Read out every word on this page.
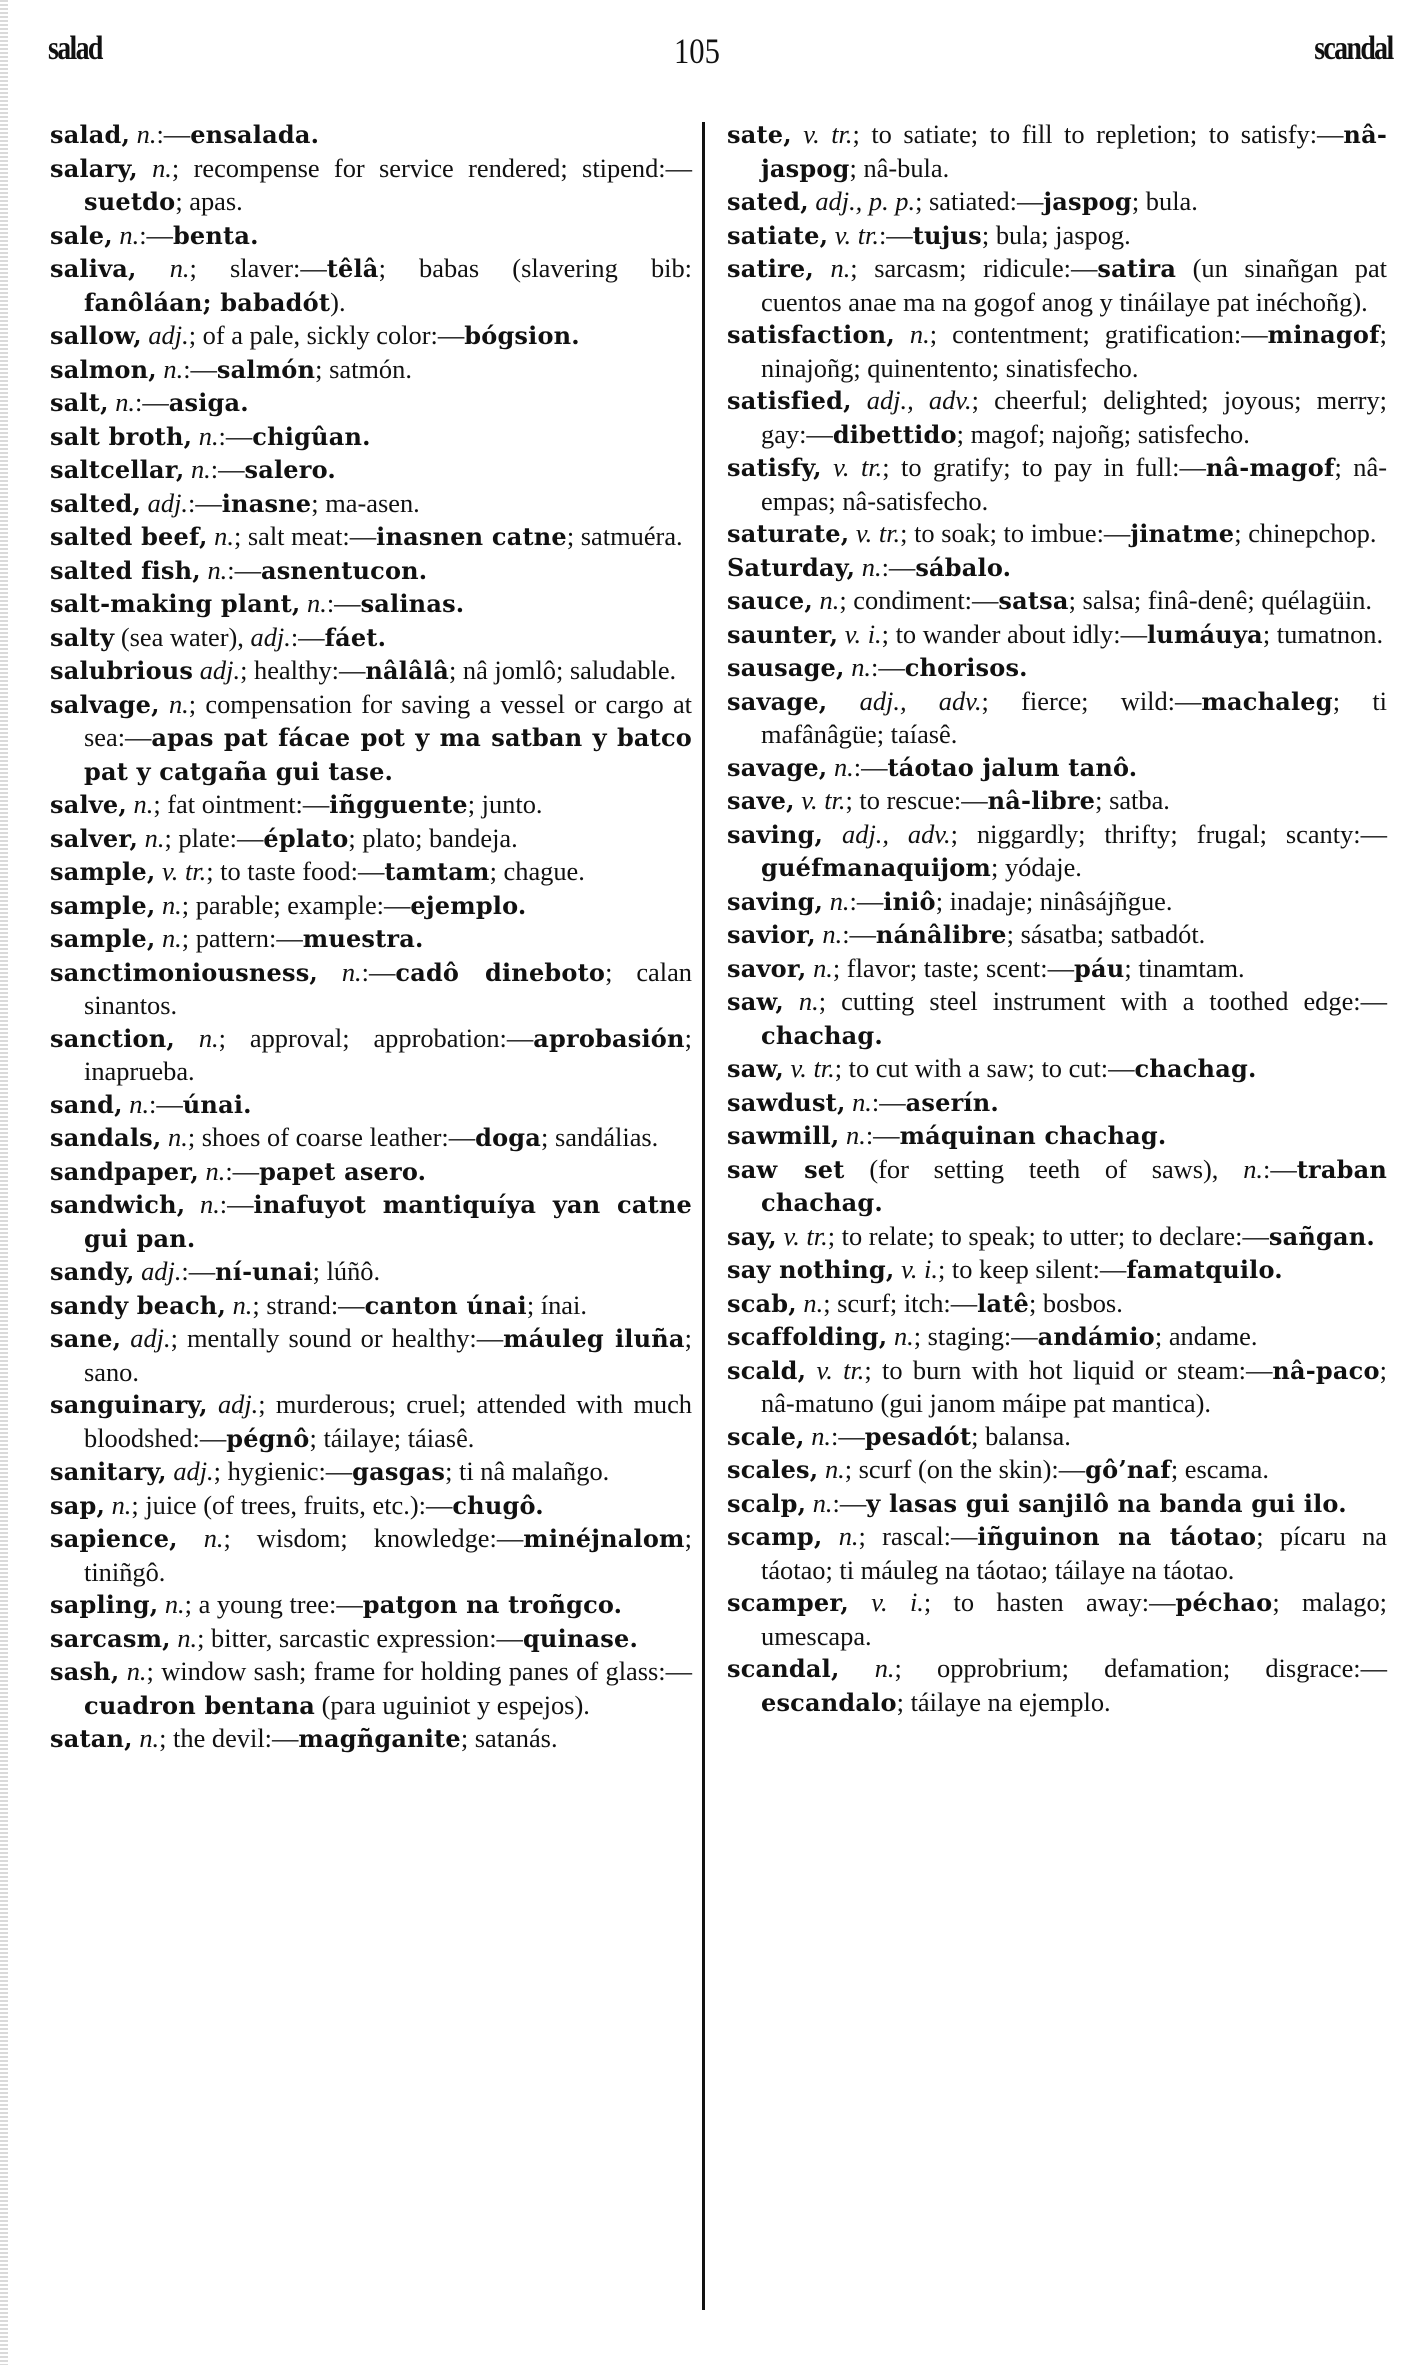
salad	105	scandal

salad, n.:—ensalada.

salary, n.; recompense for service rendered; stipend:—suetdo; apas.

sale, n.:—benta.

saliva, n.; slaver:—têlâ; babas (slavering bib: fanôláan; babadót).

sallow, adj.; of a pale, sickly color:—bógsion.

salmon, n.:—salmón; satmón.

salt, n.:—asiga.

salt broth, n.:—chigûan.

saltcellar, n.:—salero.

salted, adj.:—inasne; ma-asen.

salted beef, n.; salt meat:—inasnen catne; satmuéra.

salted fish, n.:—asnentucon.

salt-making plant, n.:—salinas.

salty (sea water), adj.:—fáet.

salubrious adj.; healthy:—nâlâlâ; nâ jomlô; saludable.

salvage, n.; compensation for saving a vessel or cargo at sea:—apas pat fácae pot y ma satban y batco pat y catgaña gui tase.

salve, n.; fat ointment:—iñgguente; junto.

salver, n.; plate:—éplato; plato; bandeja.

sample, v. tr.; to taste food:—tamtam; chague.

sample, n.; parable; example:—ejemplo.

sample, n.; pattern:—muestra.

sanctimoniousness, n.:—cadô dineboto; calan sinantos.

sanction, n.; approval; approbation:—aprobasión; inaprueba.

sand, n.:—únai.

sandals, n.; shoes of coarse leather:—doga; sandálias.

sandpaper, n.:—papet asero.

sandwich, n.:—inafuyot mantiquíya yan catne gui pan.

sandy, adj.:—ní-unai; lúñô.

sandy beach, n.; strand:—canton únai; ínai.

sane, adj.; mentally sound or healthy:—máuleg iluña; sano.

sanguinary, adj.; murderous; cruel; attended with much bloodshed:—pégnô; táilaye; táiasê.

sanitary, adj.; hygienic:—gasgas; ti nâ malañgo.

sap, n.; juice (of trees, fruits, etc.):—chugô.

sapience, n.; wisdom; knowledge:—minéjnalom; tiniñgô.

sapling, n.; a young tree:—patgon na troñgco.

sarcasm, n.; bitter, sarcastic expression:—quinase.

sash, n.; window sash; frame for holding panes of glass:—cuadron bentana (para uguiniot y espejos).

satan, n.; the devil:—magñganite; satanás.

sate, v. tr.; to satiate; to fill to repletion; to satisfy:—nâ-jaspog; nâ-bula.

sated, adj., p. p.; satiated:—jaspog; bula.

satiate, v. tr.:—tujus; bula; jaspog.

satire, n.; sarcasm; ridicule:—satira (un sinañgan pat cuentos anae ma na gogof anog y tináilaye pat inéchoñg).

satisfaction, n.; contentment; gratification:—minagof; ninajoñg; quinentento; sinatisfecho.

satisfied, adj., adv.; cheerful; delighted; joyous; merry; gay:—dibettido; magof; najoñg; satisfecho.

satisfy, v. tr.; to gratify; to pay in full:—nâ-magof; nâ-empas; nâ-satisfecho.

saturate, v. tr.; to soak; to imbue:—jinatme; chinepchop.

Saturday, n.:—sábalo.

sauce, n.; condiment:—satsa; salsa; finâ-denê; quélagüin.

saunter, v. i.; to wander about idly:—lumáuya; tumatnon.

sausage, n.:—chorisos.

savage, adj., adv.; fierce; wild:—machaleg; ti mafânâgüe; taíasê.

savage, n.:—táotao jalum tanô.

save, v. tr.; to rescue:—nâ-libre; satba.

saving, adj., adv.; niggardly; thrifty; frugal; scanty:—guéfmanaquijom; yódaje.

saving, n.:—iniô; inadaje; ninâsájñgue.

savior, n.:—nánâlibre; sásatba; satbadót.

savor, n.; flavor; taste; scent:—páu; tinamtam.

saw, n.; cutting steel instrument with a toothed edge:—chachag.

saw, v. tr.; to cut with a saw; to cut:—chachag.

sawdust, n.:—aserín.

sawmill, n.:—máquinan chachag.

saw set (for setting teeth of saws), n.:—traban chachag.

say, v. tr.; to relate; to speak; to utter; to declare:—sañgan.

say nothing, v. i.; to keep silent:—famatquilo.

scab, n.; scurf; itch:—latê; bosbos.

scaffolding, n.; staging:—andámio; andame.

scald, v. tr.; to burn with hot liquid or steam:—nâ-paco; nâ-matuno (gui janom máipe pat mantica).

scale, n.:—pesadót; balansa.

scales, n.; scurf (on the skin):—gô’naf; escama.

scalp, n.:—y lasas gui sanjilô na banda gui ilo.

scamp, n.; rascal:—iñguinon na táotao; pícaru na táotao; ti máuleg na táotao; táilaye na táotao.

scamper, v. i.; to hasten away:—péchao; malago; umescapa.

scandal, n.; opprobrium; defamation; disgrace:—escandalo; táilaye na ejemplo.
